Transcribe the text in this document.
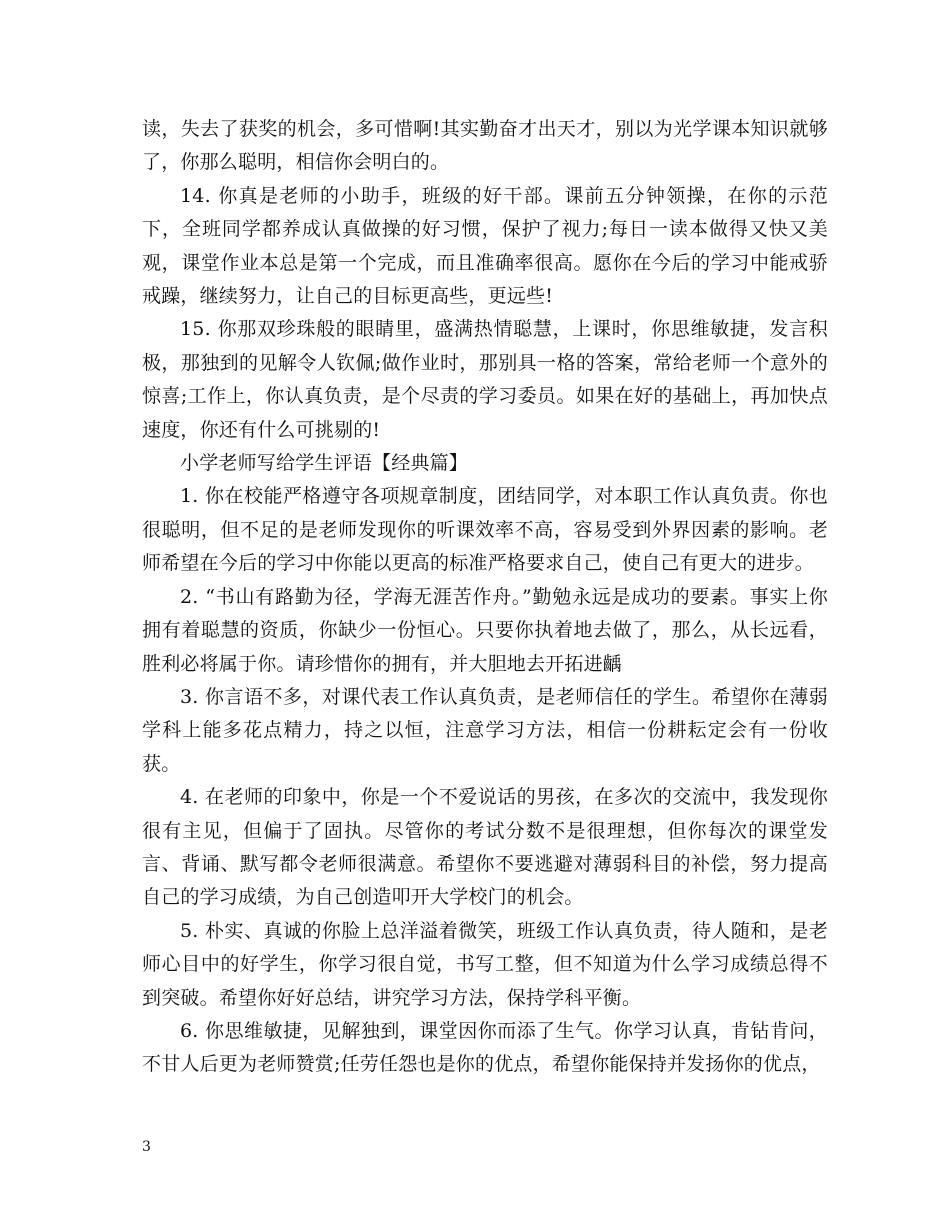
读，失去了获奖的机会，多可惜啊!其实勤奋才出天才，别以为光学课本知识就够了，你那么聪明，相信你会明白的。

14. 你真是老师的小助手，班级的好干部。课前五分钟领操，在你的示范下，全班同学都养成认真做操的好习惯，保护了视力;每日一读本做得又快又美观，课堂作业本总是第一个完成，而且准确率很高。愿你在今后的学习中能戒骄戒躁，继续努力，让自己的目标更高些，更远些!

15. 你那双珍珠般的眼睛里，盛满热情聪慧，上课时，你思维敏捷，发言积极，那独到的见解令人钦佩;做作业时，那别具一格的答案，常给老师一个意外的惊喜;工作上，你认真负责，是个尽责的学习委员。如果在好的基础上，再加快点速度，你还有什么可挑剔的!

小学老师写给学生评语【经典篇】

1. 你在校能严格遵守各项规章制度，团结同学，对本职工作认真负责。你也很聪明，但不足的是老师发现你的听课效率不高，容易受到外界因素的影响。老师希望在今后的学习中你能以更高的标准严格要求自己，使自己有更大的进步。

2. “书山有路勤为径，学海无涯苦作舟。”勤勉永远是成功的要素。事实上你拥有着聪慧的资质，你缺少一份恒心。只要你执着地去做了，那么，从长远看，胜利必将属于你。请珍惜你的拥有，并大胆地去开拓进齲

3. 你言语不多，对课代表工作认真负责，是老师信任的学生。希望你在薄弱学科上能多花点精力，持之以恒，注意学习方法，相信一份耕耘定会有一份收获。

4. 在老师的印象中，你是一个不爱说话的男孩，在多次的交流中，我发现你很有主见，但偏于了固执。尽管你的考试分数不是很理想，但你每次的课堂发言、背诵、默写都令老师很满意。希望你不要逃避对薄弱科目的补偿，努力提高自己的学习成绩，为自己创造叩开大学校门的机会。

5. 朴实、真诚的你脸上总洋溢着微笑，班级工作认真负责，待人随和，是老师心目中的好学生，你学习很自觉，书写工整，但不知道为什么学习成绩总得不到突破。希望你好好总结，讲究学习方法，保持学科平衡。

6. 你思维敏捷，见解独到，课堂因你而添了生气。你学习认真，肯钻肯问，不甘人后更为老师赞赏;任劳任怨也是你的优点，希望你能保持并发扬你的优点，

3
